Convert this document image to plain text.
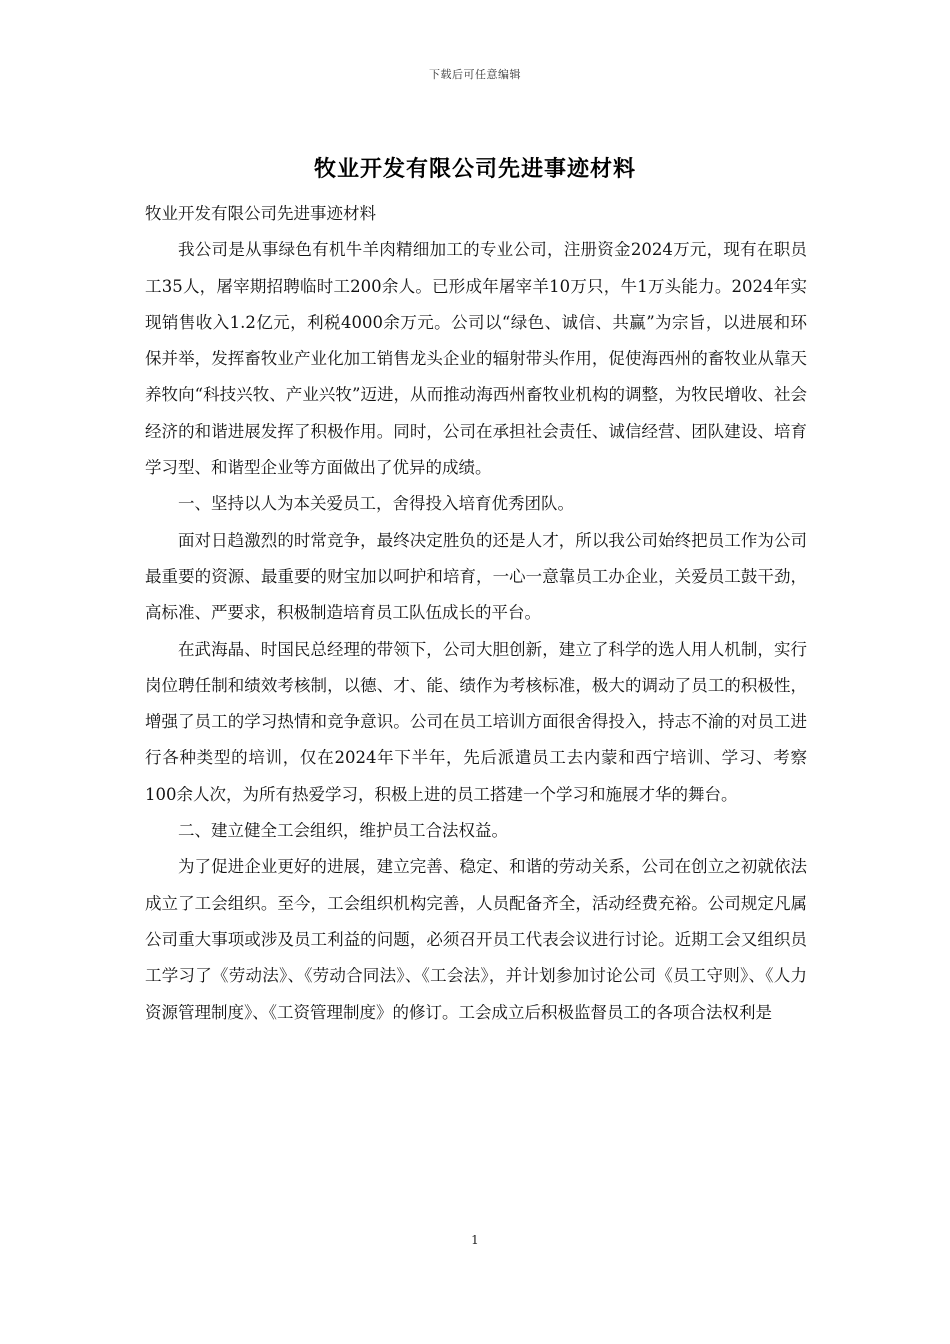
下载后可任意编辑
牧业开发有限公司先进事迹材料

牧业开发有限公司先进事迹材料

我公司是从事绿色有机牛羊肉精细加工的专业公司，注册资金2024万元，现有在职员工35人，屠宰期招聘临时工200余人。已形成年屠宰羊10万只，牛1万头能力。2024年实现销售收入1.2亿元，利税4000余万元。公司以“绿色、诚信、共赢”为宗旨，以进展和环保并举，发挥畜牧业产业化加工销售龙头企业的辐射带头作用，促使海西州的畜牧业从靠天养牧向“科技兴牧、产业兴牧”迈进，从而推动海西州畜牧业机构的调整，为牧民增收、社会经济的和谐进展发挥了积极作用。同时，公司在承担社会责任、诚信经营、团队建设、培育学习型、和谐型企业等方面做出了优异的成绩。

一、坚持以人为本关爱员工，舍得投入培育优秀团队。

面对日趋激烈的时常竞争，最终决定胜负的还是人才，所以我公司始终把员工作为公司最重要的资源、最重要的财宝加以呵护和培育，一心一意靠员工办企业，关爱员工鼓干劲，高标准、严要求，积极制造培育员工队伍成长的平台。

在武海晶、时国民总经理的带领下，公司大胆创新，建立了科学的选人用人机制，实行岗位聘任制和绩效考核制，以德、才、能、绩作为考核标准，极大的调动了员工的积极性，增强了员工的学习热情和竞争意识。公司在员工培训方面很舍得投入，持志不渝的对员工进行各种类型的培训，仅在2024年下半年，先后派遣员工去内蒙和西宁培训、学习、考察100余人次，为所有热爱学习，积极上进的员工搭建一个学习和施展才华的舞台。

二、建立健全工会组织，维护员工合法权益。

为了促进企业更好的进展，建立完善、稳定、和谐的劳动关系，公司在创立之初就依法成立了工会组织。至今，工会组织机构完善，人员配备齐全，活动经费充裕。公司规定凡属公司重大事项或涉及员工利益的问题，必须召开员工代表会议进行讨论。近期工会又组织员工学习了《劳动法》、《劳动合同法》、《工会法》，并计划参加讨论公司《员工守则》、《人力资源管理制度》、《工资管理制度》的修订。工会成立后积极监督员工的各项合法权利是

1
